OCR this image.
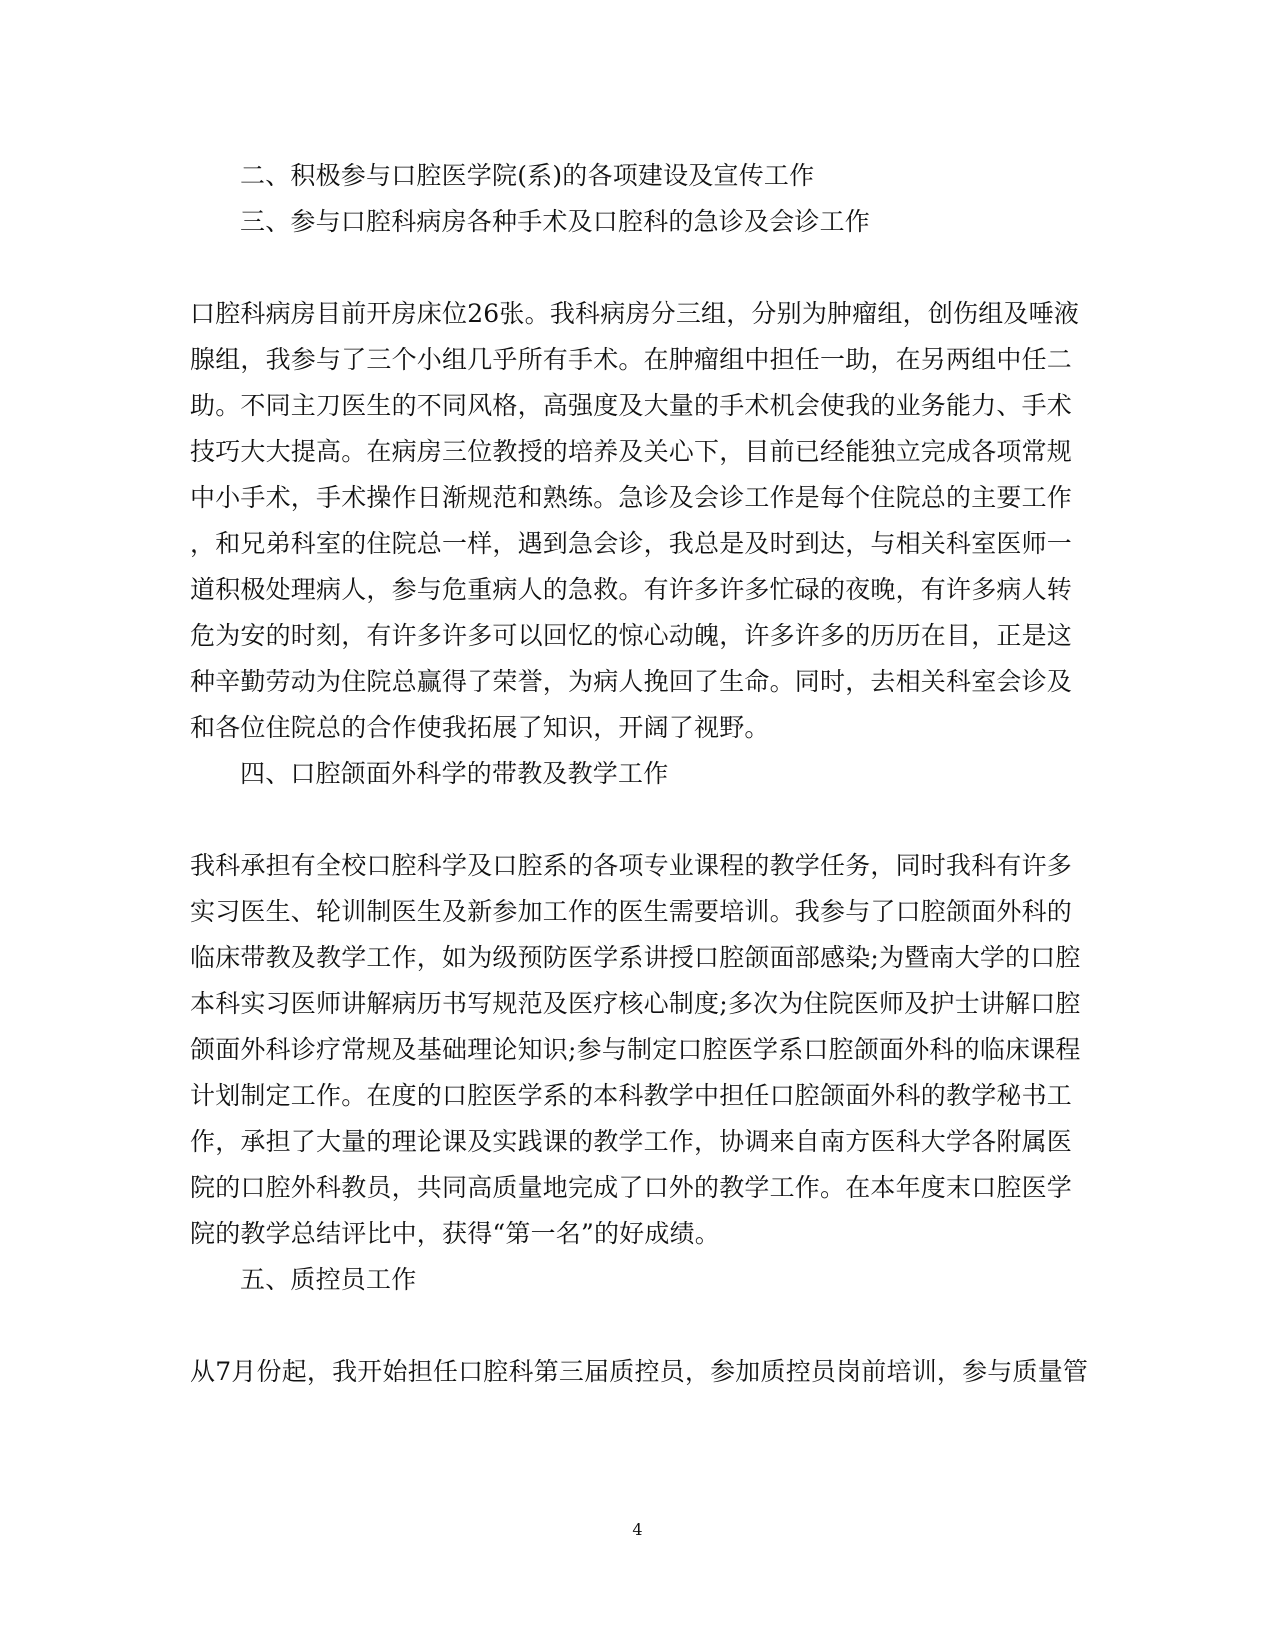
二、积极参与口腔医学院(系)的各项建设及宣传工作
三、参与口腔科病房各种手术及口腔科的急诊及会诊工作
口腔科病房目前开房床位26张。我科病房分三组，分别为肿瘤组，创伤组及唾液
腺组，我参与了三个小组几乎所有手术。在肿瘤组中担任一助，在另两组中任二
助。不同主刀医生的不同风格，高强度及大量的手术机会使我的业务能力、手术
技巧大大提高。在病房三位教授的培养及关心下，目前已经能独立完成各项常规
中小手术，手术操作日渐规范和熟练。急诊及会诊工作是每个住院总的主要工作
，和兄弟科室的住院总一样，遇到急会诊，我总是及时到达，与相关科室医师一
道积极处理病人，参与危重病人的急救。有许多许多忙碌的夜晚，有许多病人转
危为安的时刻，有许多许多可以回忆的惊心动魄，许多许多的历历在目，正是这
种辛勤劳动为住院总赢得了荣誉，为病人挽回了生命。同时，去相关科室会诊及
和各位住院总的合作使我拓展了知识，开阔了视野。
四、口腔颌面外科学的带教及教学工作
我科承担有全校口腔科学及口腔系的各项专业课程的教学任务，同时我科有许多
实习医生、轮训制医生及新参加工作的医生需要培训。我参与了口腔颌面外科的
临床带教及教学工作，如为级预防医学系讲授口腔颌面部感染;为暨南大学的口腔
本科实习医师讲解病历书写规范及医疗核心制度;多次为住院医师及护士讲解口腔
颌面外科诊疗常规及基础理论知识;参与制定口腔医学系口腔颌面外科的临床课程
计划制定工作。在度的口腔医学系的本科教学中担任口腔颌面外科的教学秘书工
作，承担了大量的理论课及实践课的教学工作，协调来自南方医科大学各附属医
院的口腔外科教员，共同高质量地完成了口外的教学工作。在本年度末口腔医学
院的教学总结评比中，获得“第一名”的好成绩。
五、质控员工作
从7月份起，我开始担任口腔科第三届质控员，参加质控员岗前培训，参与质量管
4
